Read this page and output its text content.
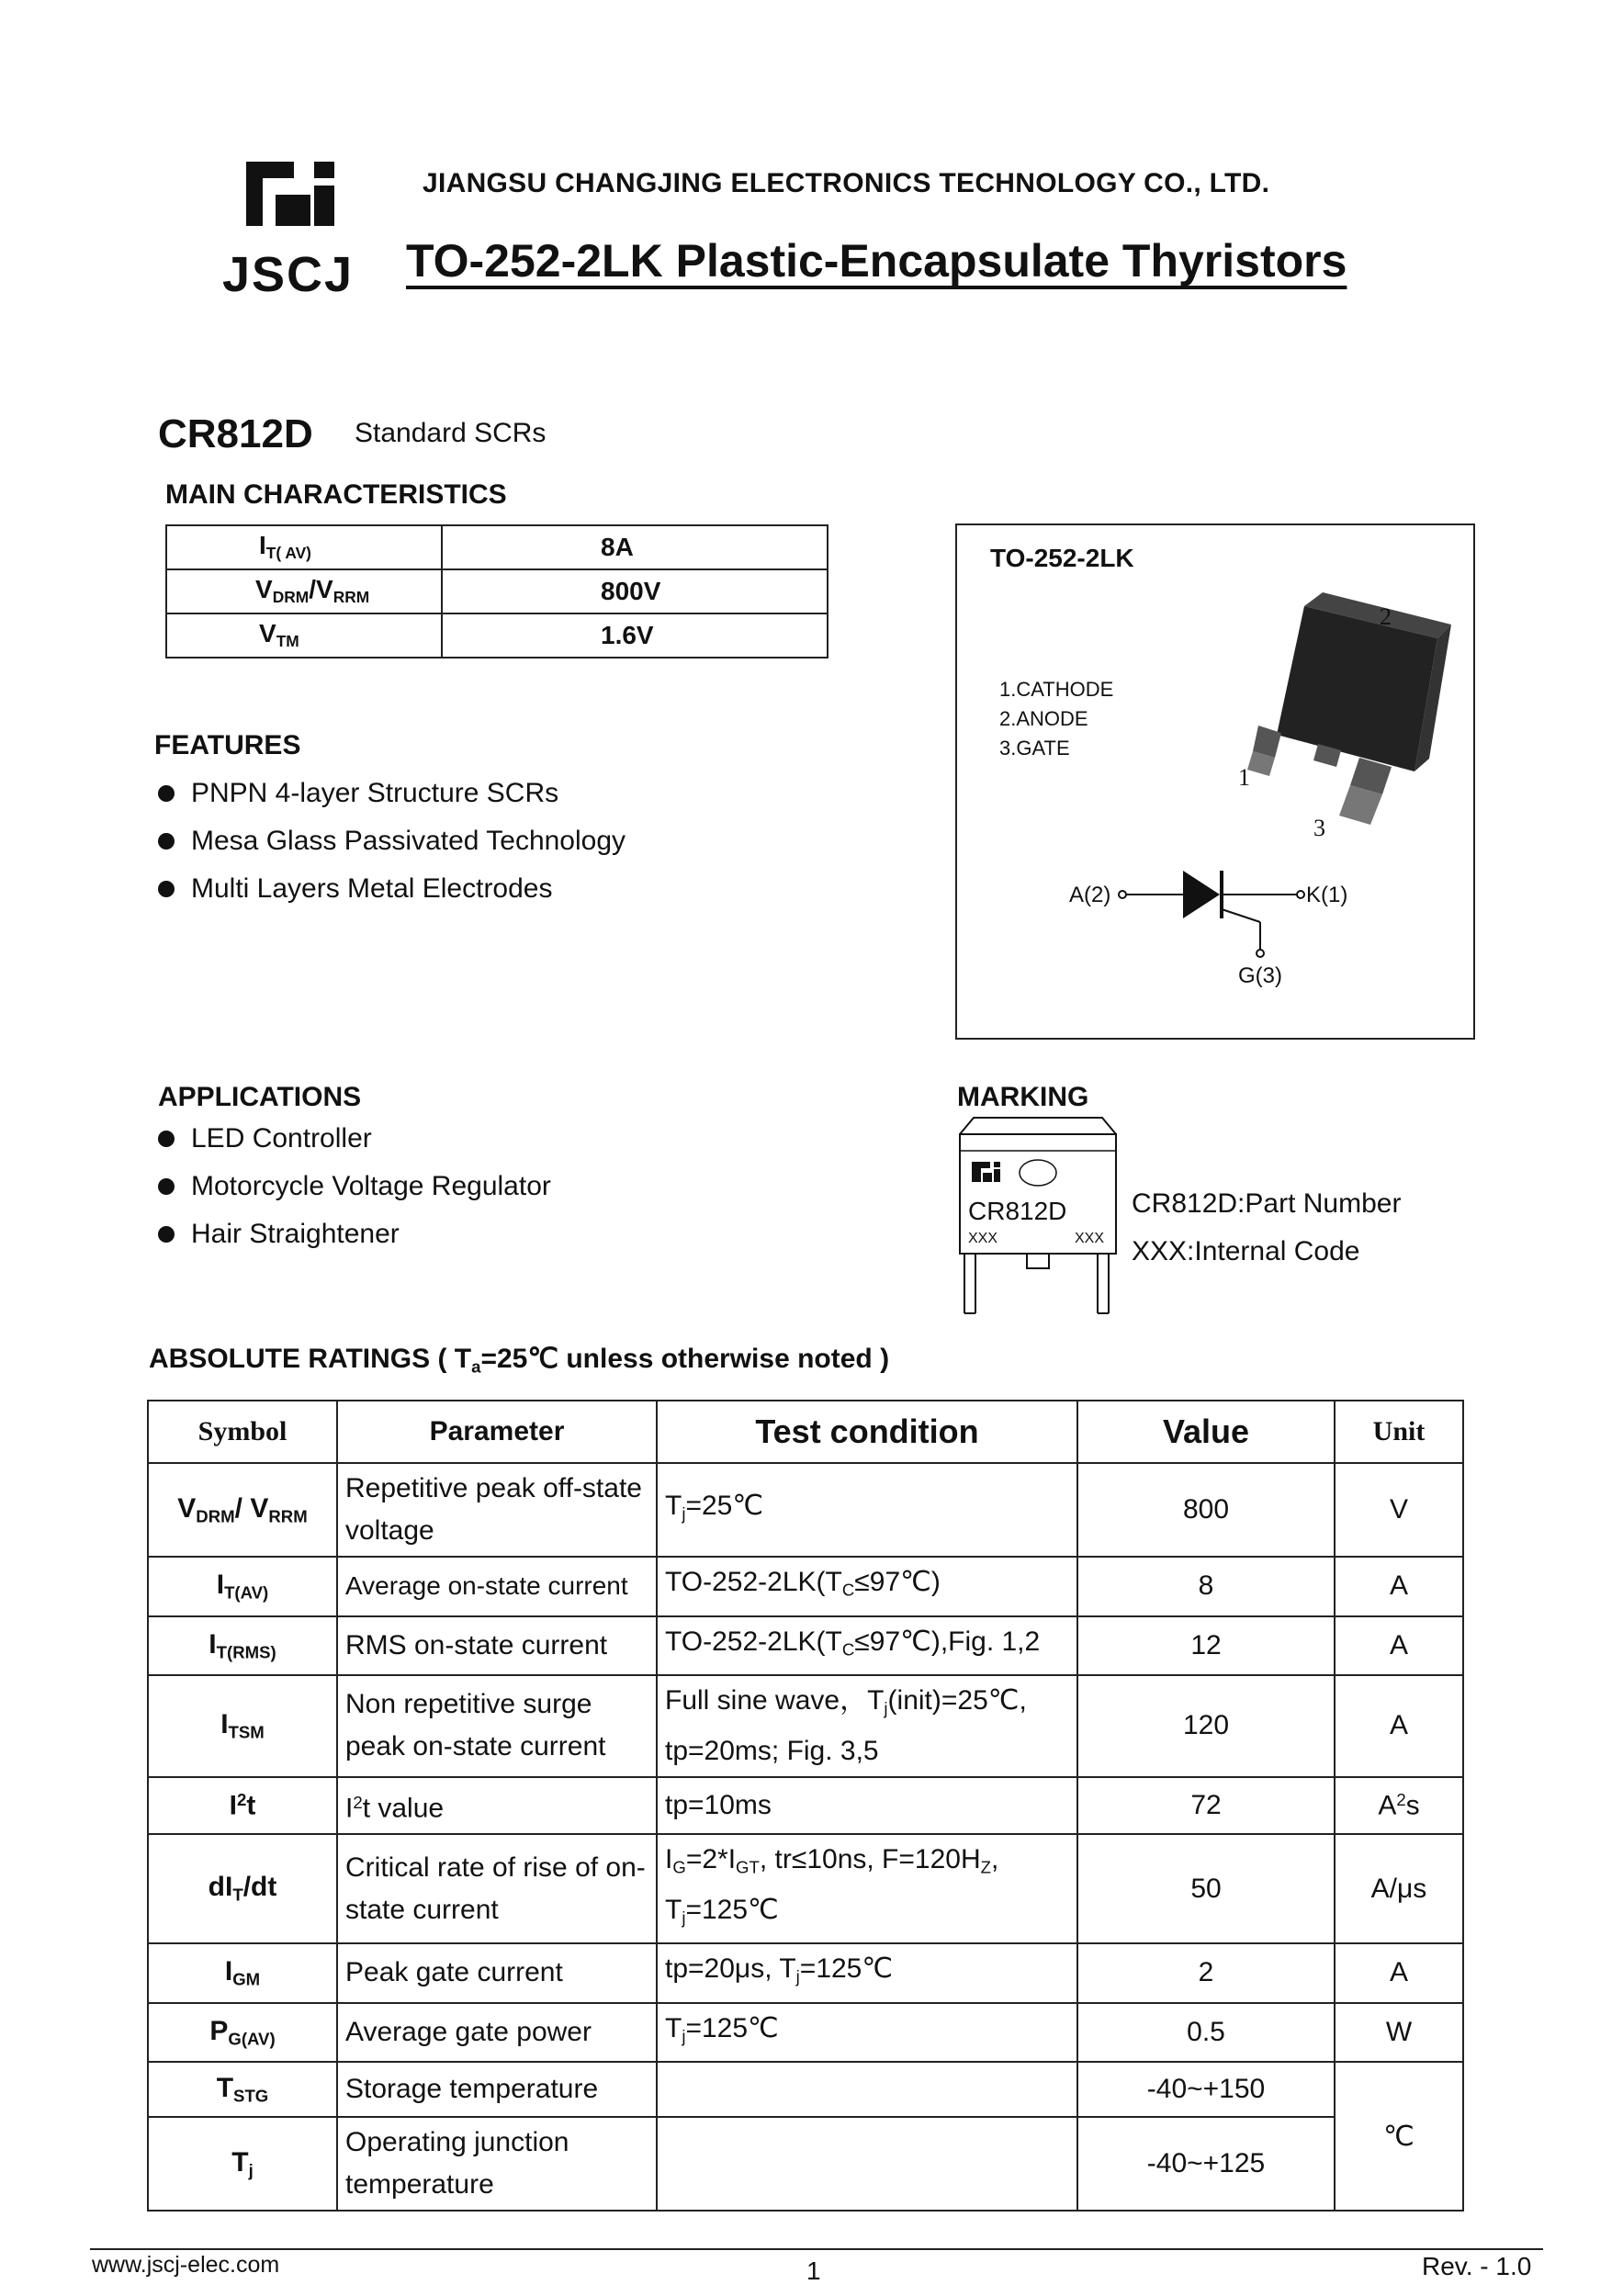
JSCJ
JIANGSU CHANGJING ELECTRONICS TECHNOLOGY CO., LTD.
TO-252-2LK Plastic-Encapsulate Thyristors
CR812D Standard SCRs
MAIN CHARACTERISTICS
$I_{T( AV)}$	8A
$V_{DRM}/V_{RRM}$	800V
$V_{TM}$	1.6V
FEATURES
PNPN 4-layer Structure SCRs
Mesa Glass Passivated Technology
Multi Layers Metal Electrodes
TO-252-2LK
1.CATHODE
2.ANODE
3.GATE
2
1
3
A(2)	K(1)
G(3)
APPLICATIONS
LED Controller
Motorcycle Voltage Regulator
Hair Straightener
MARKING
CR812D
XXX	XXX
CR812D:Part Number
XXX:Internal Code
ABSOLUTE RATINGS ( $T_a=25℃$ unless otherwise noted )
Symbol	Parameter	Test condition	Value	Unit
$V_{DRM}/$ $V_{RRM}$	Repetitive peak off-state voltage	$T_j=25℃$	800	V
$I_{T(AV)}$	Average on-state current	$TO-252-2LK(T_C\le 97℃)$	8	A
$I_{T(RMS)}$	RMS on-state current	$TO-252-2LK(T_C\le 97℃),Fig$. 1,2	12	A
$I_{TSM}$	Non repetitive surge peak on-state current	Full sine wave，$T_j(init)=25℃$, tp=20ms; Fig. 3,5	120	A
$I^2t$	$I^2t$ value	tp=10ms	72	$A^2s$
$dI_T/dt$	Critical rate of rise of on-state current	$I_G=2*I_{GT}$, tr≤10ns, $F=120H_Z$, $T_j=125℃$	50	A/μs
$I_{GM}$	Peak gate current	tp=20μs, $T_j=125℃$	2	A
$P_{G(AV)}$	Average gate power	$T_j=125℃$	0.5	W
$T_{STG}$	Storage temperature		-40~+150	℃
$T_j$	Operating junction temperature		-40~+125	
www.jscj-elec.com	1	Rev. - 1.0
